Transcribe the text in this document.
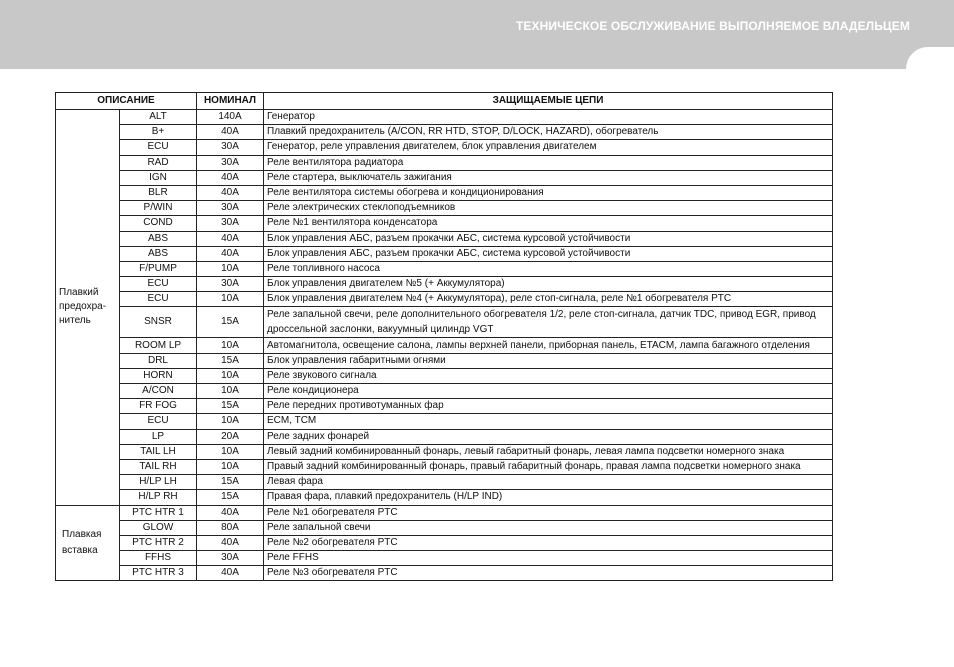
ТЕХНИЧЕСКОЕ ОБСЛУЖИВАНИЕ ВЫПОЛНЯЕМОЕ ВЛАДЕЛЬЦЕМ
ОПИСАНИЕ		НОМИНАЛ	ЗАЩИЩАЕМЫЕ ЦЕПИ

Плавкий
предохра-
нитель	ALT	140A	Генератор
	B+	40A	Плавкий предохранитель (A/CON, RR HTD, STOP, D/LOCK, HAZARD), обогреватель
	ECU	30A	Генератор, реле управления двигателем, блок управления двигателем
	RAD	30A	Реле вентилятора радиатора
	IGN	40A	Реле стартера, выключатель зажигания
	BLR	40A	Реле вентилятора системы обогрева и кондиционирования
	P/WIN	30A	Реле электрических стеклоподъемников
	COND	30A	Реле №1 вентилятора конденсатора
	ABS	40A	Блок управления АБС, разъем прокачки АБС, система курсовой устойчивости
	ABS	40A	Блок управления АБС, разъем прокачки АБС, система курсовой устойчивости
	F/PUMP	10A	Реле топливного насоса
	ECU	30A	Блок управления двигателем №5 (+ Аккумулятора)
	ECU	10A	Блок управления двигателем №4 (+ Аккумулятора), реле стоп-сигнала, реле №1 обогревателя PTC
	SNSR	15A	Реле запальной свечи, реле дополнительного обогревателя 1/2, реле стоп-сигнала, датчик TDC, привод EGR, привод дроссельной заслонки, вакуумный цилиндр VGT
	ROOM LP	10A	Автомагнитола, освещение салона, лампы верхней панели, приборная панель, ETACM, лампа багажного отделения
	DRL	15A	Блок управления габаритными огнями
	HORN	10A	Реле звукового сигнала
	A/CON	10A	Реле кондиционера
	FR FOG	15A	Реле передних противотуманных фар
	ECU	10A	ECM, TCM
	LP	20A	Реле задних фонарей
	TAIL LH	10A	Левый задний комбинированный фонарь, левый габаритный фонарь, левая лампа подсветки номерного знака
	TAIL RH	10A	Правый задний комбинированный фонарь, правый габаритный фонарь, правая лампа подсветки номерного знака
	H/LP LH	15A	Левая фара
	H/LP RH	15A	Правая фара, плавкий предохранитель (H/LP IND)

Плавкая
вставка	PTC HTR 1	40A	Реле №1 обогревателя PTC
	GLOW	80A	Реле запальной свечи
	PTC HTR 2	40A	Реле №2 обогревателя PTC
	FFHS	30A	Реле FFHS
	PTC HTR 3	40A	Реле №3 обогревателя PTC
